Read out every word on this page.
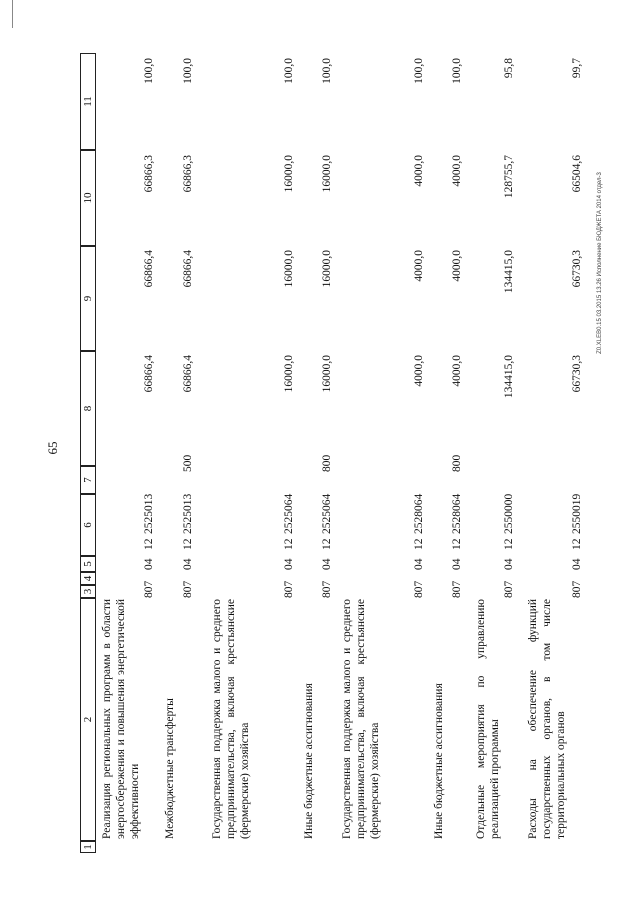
65
Z0.XLEB0.15 03.2015 13.26 Исполнение БЮДЖЕТА 2014 отдел-3
1
2
3
4
5
6
7
8
9
10
11
Реализация региональных программ в области энергосбережения и повышения энергетической эффективности
807
04
12
2525013
66866,4
66866,4
66866,3
100,0
Межбюджетные трансферты
807
04
12
2525013
500
66866,4
66866,4
66866,3
100,0
Государственная поддержка малого и среднего предпринимательства, включая крестьянские (фермерские) хозяйства
807
04
12
2525064
16000,0
16000,0
16000,0
100,0
Иные бюджетные ассигнования
807
04
12
2525064
800
16000,0
16000,0
16000,0
100,0
Государственная поддержка малого и среднего предпринимательства, включая крестьянские (фермерские) хозяйства
807
04
12
2528064
4000,0
4000,0
4000,0
100,0
Иные бюджетные ассигнования
807
04
12
2528064
800
4000,0
4000,0
4000,0
100,0
Отдельные мероприятия по управлению реализацией программы
807
04
12
2550000
134415,0
134415,0
128755,7
95,8
Расходы на обеспечение функций государственных органов, в том числе территориальных органов
807
04
12
2550019
66730,3
66730,3
66504,6
99,7
